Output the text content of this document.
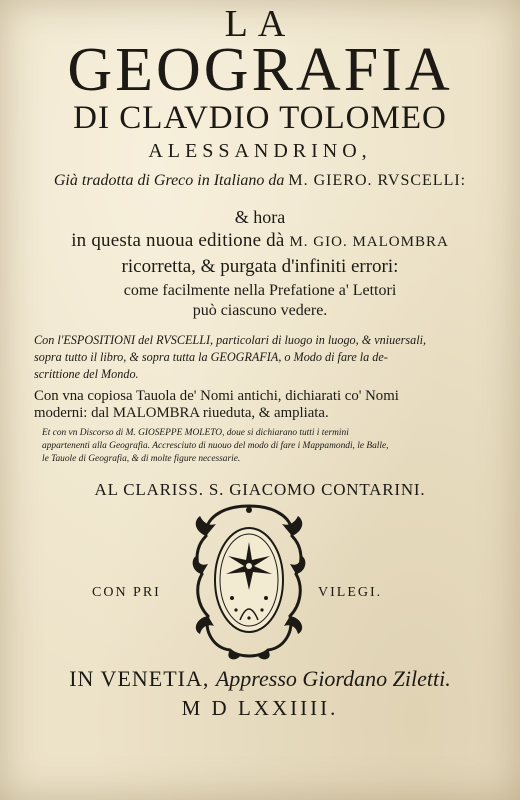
LA
GEOGRAFIA
DI CLAVDIO TOLOMEO
ALESSANDRINO,
Già tradotta di Greco in Italiano da M. GIERO. RVSCELLI:
& hora
in questa nuoua editione dà M. GIO. MALOMBRA
ricorretta, & purgata d'infiniti errori:
come facilmente nella Prefatione a' Lettori
può ciascuno vedere.
Con l'ESPOSITIONI del RVSCELLI, particolari di luogo in luogo, & vniuersali,
sopra tutto il libro, & sopra tutta la GEOGRAFIA, o Modo di fare la de-
scrittione del Mondo.
Con vna copiosa Tauola de' Nomi antichi, dichiarati co' Nomi
moderni: dal MALOMBRA riueduta, & ampliata.
Et con vn Discorso di M. GIOSEPPE MOLETO, doue si dichiarano tutti i termini
appartenenti alla Geografia. Accresciuto di nuouo del modo di fare i Mappamondi, le Balle,
le Tauole di Geografia, & di molte figure necessarie.
AL CLARISS. S. GIACOMO CONTARINI.
CON PRI	VILEGI.
IN VENETIA, Appresso Giordano Ziletti.
M D LXXIIII.
